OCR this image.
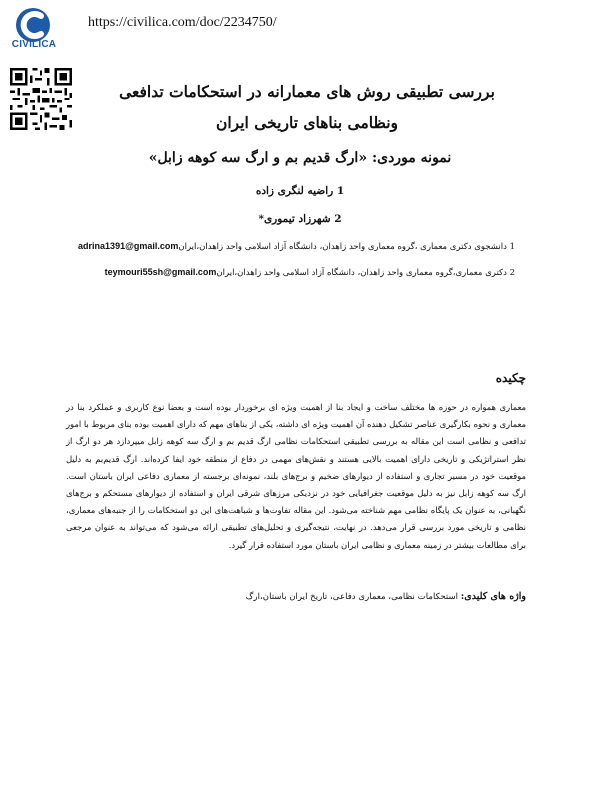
CIVILICA
https://civilica.com/doc/2234750/
بررسی تطبیقی روش های معمارانه در استحکامات تدافعی ونظامی بناهای تاریخی ایران
نمونه موردی: «ارگ قدیم بم و ارگ سه کوهه زابل»
1 راضیه لنگری زاده
2 شهرزاد تیموری*
1 دانشجوی دکتری معماری ،گروه معماری واحد زاهدان، دانشگاه آزاد اسلامی واحد زاهدان،ایرانadrina1391@gmail.com
2 دکتری معماری،گروه معماری واحد زاهدان، دانشگاه آزاد اسلامی واحد زاهدان،ایرانteymouri55sh@gmail.com
چکیده
معماری همواره در حوزه ها مختلف ساخت و ایجاد بنا از اهمیت ویژه ای برخوردار بوده است و بعضا نوع کاربری و عملکرد بنا در معماری و نحوه بکارگیری عناصر تشکیل دهنده آن اهمیت ویژه ای داشته، یکی از بناهای مهم که دارای اهمیت بوده بنای مربوط با امور تدافعی و نظامی است این مقاله به بررسی تطبیقی استحکامات نظامی ارگ قدیم بم و ارگ سه کوهه زابل میپردازد هر دو ارگ از نظر استراتژیکی و تاریخی دارای اهمیت بالایی هستند و نقش‌های مهمی در دفاع از منطقه خود ایفا کرده‌اند. ارگ قدیم‌بم به دلیل موقعیت خود در مسیر تجاری و استفاده از دیوارهای ضخیم و برج‌های بلند، نمونه‌ای برجسته از معماری دفاعی ایران باستان است. ارگ سه کوهه زابل نیز به دلیل موقعیت جغرافیایی خود در نزدیکی مرزهای شرقی ایران و استفاده از دیوارهای مستحکم و برج‌های نگهبانی، به عنوان یک پایگاه نظامی مهم شناخته می‌شود. این مقاله تفاوت‌ها و شباهت‌های این دو استحکامات را از جنبه‌های معماری، نظامی و تاریخی مورد بررسی قرار می‌دهد. در نهایت، نتیجه‌گیری و تحلیل‌های تطبیقی ارائه می‌شود که می‌تواند به عنوان مرجعی برای مطالعات بیشتر در زمینه معماری و نظامی ایران باستان مورد استفاده قرار گیرد.
واژه های کلیدی: استحکامات نظامی، معماری دفاعی، تاریخ ایران باستان،ارگ
